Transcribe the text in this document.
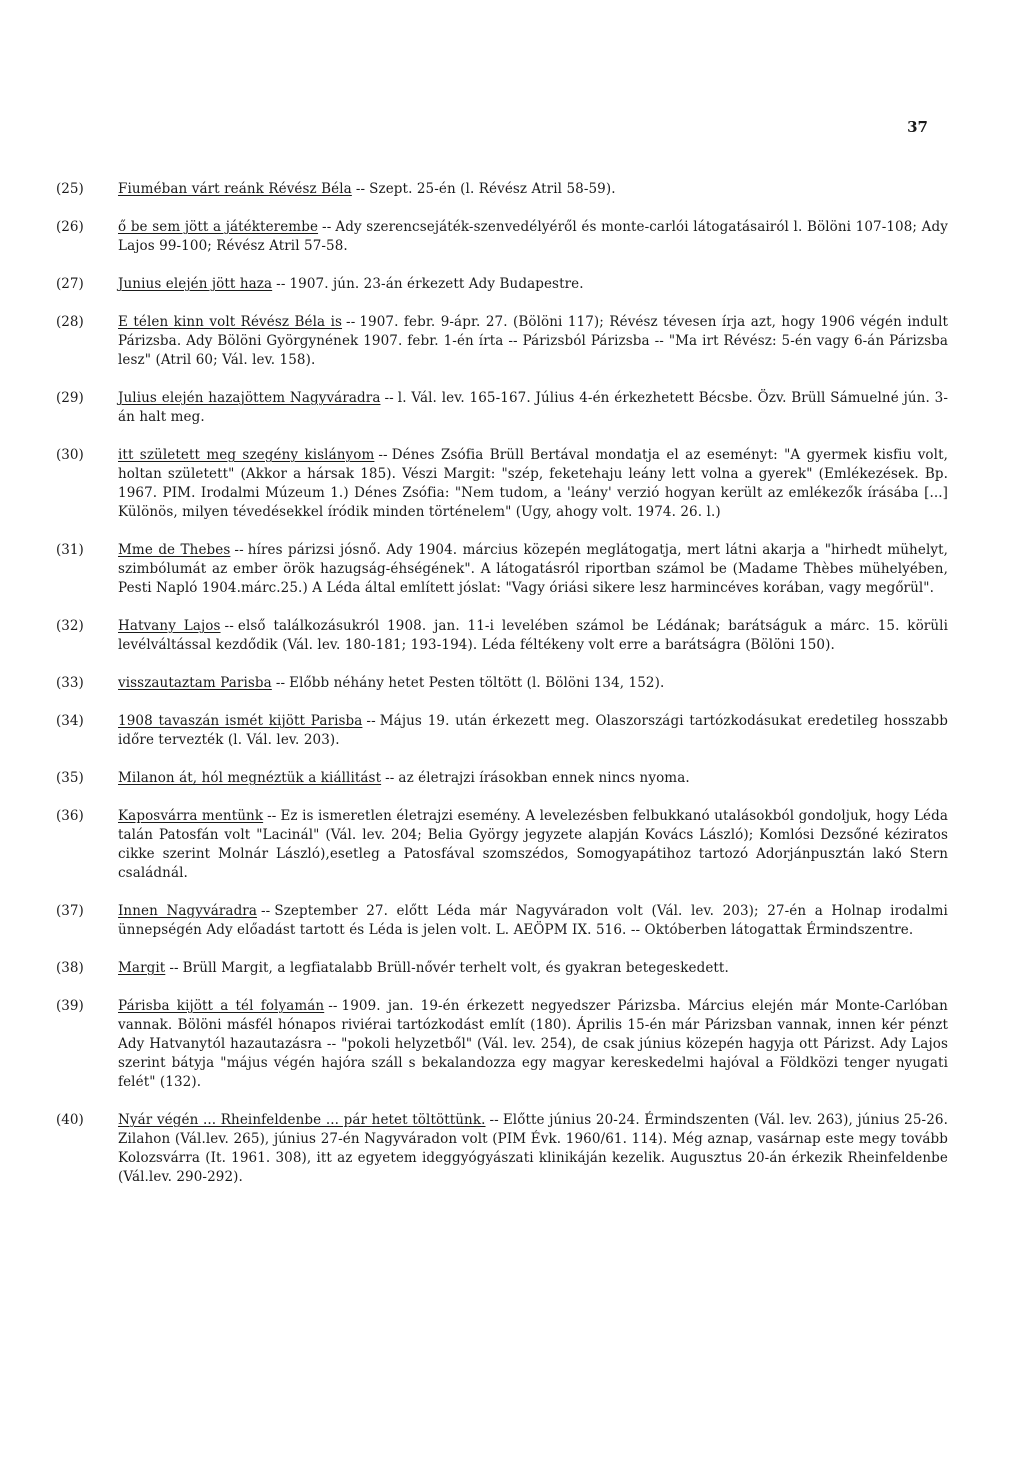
37
(25)	Fiuméban várt reánk Révész Béla -- Szept. 25-én (l. Révész Atril 58-59).
(26)	ő be sem jött a játékterembe -- Ady szerencsejáték-szenvedélyéről és monte-carlói látogatásairól l. Bölöni 107-108; Ady Lajos 99-100; Révész Atril 57-58.
(27)	Junius elején jött haza -- 1907. jún. 23-án érkezett Ady Budapestre.
(28)	E télen kinn volt Révész Béla is -- 1907. febr. 9-ápr. 27. (Bölöni 117); Révész tévesen írja azt, hogy 1906 végén indult Párizsba. Ady Bölöni Györgynének 1907. febr. 1-én írta -- Párizsból Párizsba -- "Ma irt Révész: 5-én vagy 6-án Párizsba lesz" (Atril 60; Vál. lev. 158).
(29)	Julius elején hazajöttem Nagyváradra -- l. Vál. lev. 165-167. Július 4-én érkezhetett Bécsbe. Özv. Brüll Sámuelné jún. 3-án halt meg.
(30)	itt született meg szegény kislányom -- Dénes Zsófia Brüll Bertával mondatja el az eseményt: "A gyermek kisfiu volt, holtan született" (Akkor a hársak 185). Vészi Margit: "szép, feketehaju leány lett volna a gyerek" (Emlékezések. Bp. 1967. PIM. Irodalmi Múzeum 1.) Dénes Zsófia: "Nem tudom, a 'leány' verzió hogyan került az emlékezők írásába [...] Különös, milyen tévedésekkel íródik minden történelem" (Ugy, ahogy volt. 1974. 26. l.)
(31)	Mme de Thebes -- híres párizsi jósnő. Ady 1904. március közepén meglátogatja, mert látni akarja a "hirhedt mühelyt, szimbólumát az ember örök hazugság-éhségének". A látogatásról riportban számol be (Madame Thèbes mühelyében, Pesti Napló 1904.márc.25.) A Léda által említett jóslat: "Vagy óriási sikere lesz harmincéves korában, vagy megőrül".
(32)	Hatvany Lajos -- első találkozásukról 1908. jan. 11-i levelében számol be Lédának; barátságuk a márc. 15. körüli levélváltással kezdődik (Vál. lev. 180-181; 193-194). Léda féltékeny volt erre a barátságra (Bölöni 150).
(33)	visszautaztam Parisba -- Előbb néhány hetet Pesten töltött (l. Bölöni 134, 152).
(34)	1908 tavaszán ismét kijött Parisba -- Május 19. után érkezett meg. Olaszországi tartózkodásukat eredetileg hosszabb időre tervezték (l. Vál. lev. 203).
(35)	Milanon át, hól megnéztük a kiállitást -- az életrajzi írásokban ennek nincs nyoma.
(36)	Kaposvárra mentünk -- Ez is ismeretlen életrajzi esemény. A levelezésben felbukkanó utalásokból gondoljuk, hogy Léda talán Patosfán volt "Lacinál" (Vál. lev. 204; Belia György jegyzete alapján Kovács László); Komlósi Dezsőné kéziratos cikke szerint Molnár László),esetleg a Patosfával szomszédos, Somogyapátihoz tartozó Adorjánpusztán lakó Stern családnál.
(37)	Innen Nagyváradra -- Szeptember 27. előtt Léda már Nagyváradon volt (Vál. lev. 203); 27-én a Holnap irodalmi ünnepségén Ady előadást tartott és Léda is jelen volt. L. AEÖPM IX. 516. -- Októberben látogattak Érmindszentre.
(38)	Margit -- Brüll Margit, a legfiatalabb Brüll-nővér terhelt volt, és gyakran betegeskedett.
(39)	Párisba kijött a tél folyamán -- 1909. jan. 19-én érkezett negyedszer Párizsba. Március elején már Monte-Carlóban vannak. Bölöni másfél hónapos riviérai tartózkodást említ (180). Április 15-én már Párizsban vannak, innen kér pénzt Ady Hatvanytól hazautazásra -- "pokoli helyzetből" (Vál. lev. 254), de csak június közepén hagyja ott Párizst. Ady Lajos szerint bátyja "május végén hajóra száll s bekalandozza egy magyar kereskedelmi hajóval a Földközi tenger nyugati felét" (132).
(40)	Nyár végén ... Rheinfeldenbe ... pár hetet töltöttünk. -- Előtte június 20-24. Érmindszenten (Vál. lev. 263), június 25-26. Zilahon (Vál.lev. 265), június 27-én Nagyváradon volt (PIM Évk. 1960/61. 114). Még aznap, vasárnap este megy tovább Kolozsvárra (It. 1961. 308), itt az egyetem ideggyógyászati klinikáján kezelik. Augusztus 20-án érkezik Rheinfeldenbe (Vál.lev. 290-292).
